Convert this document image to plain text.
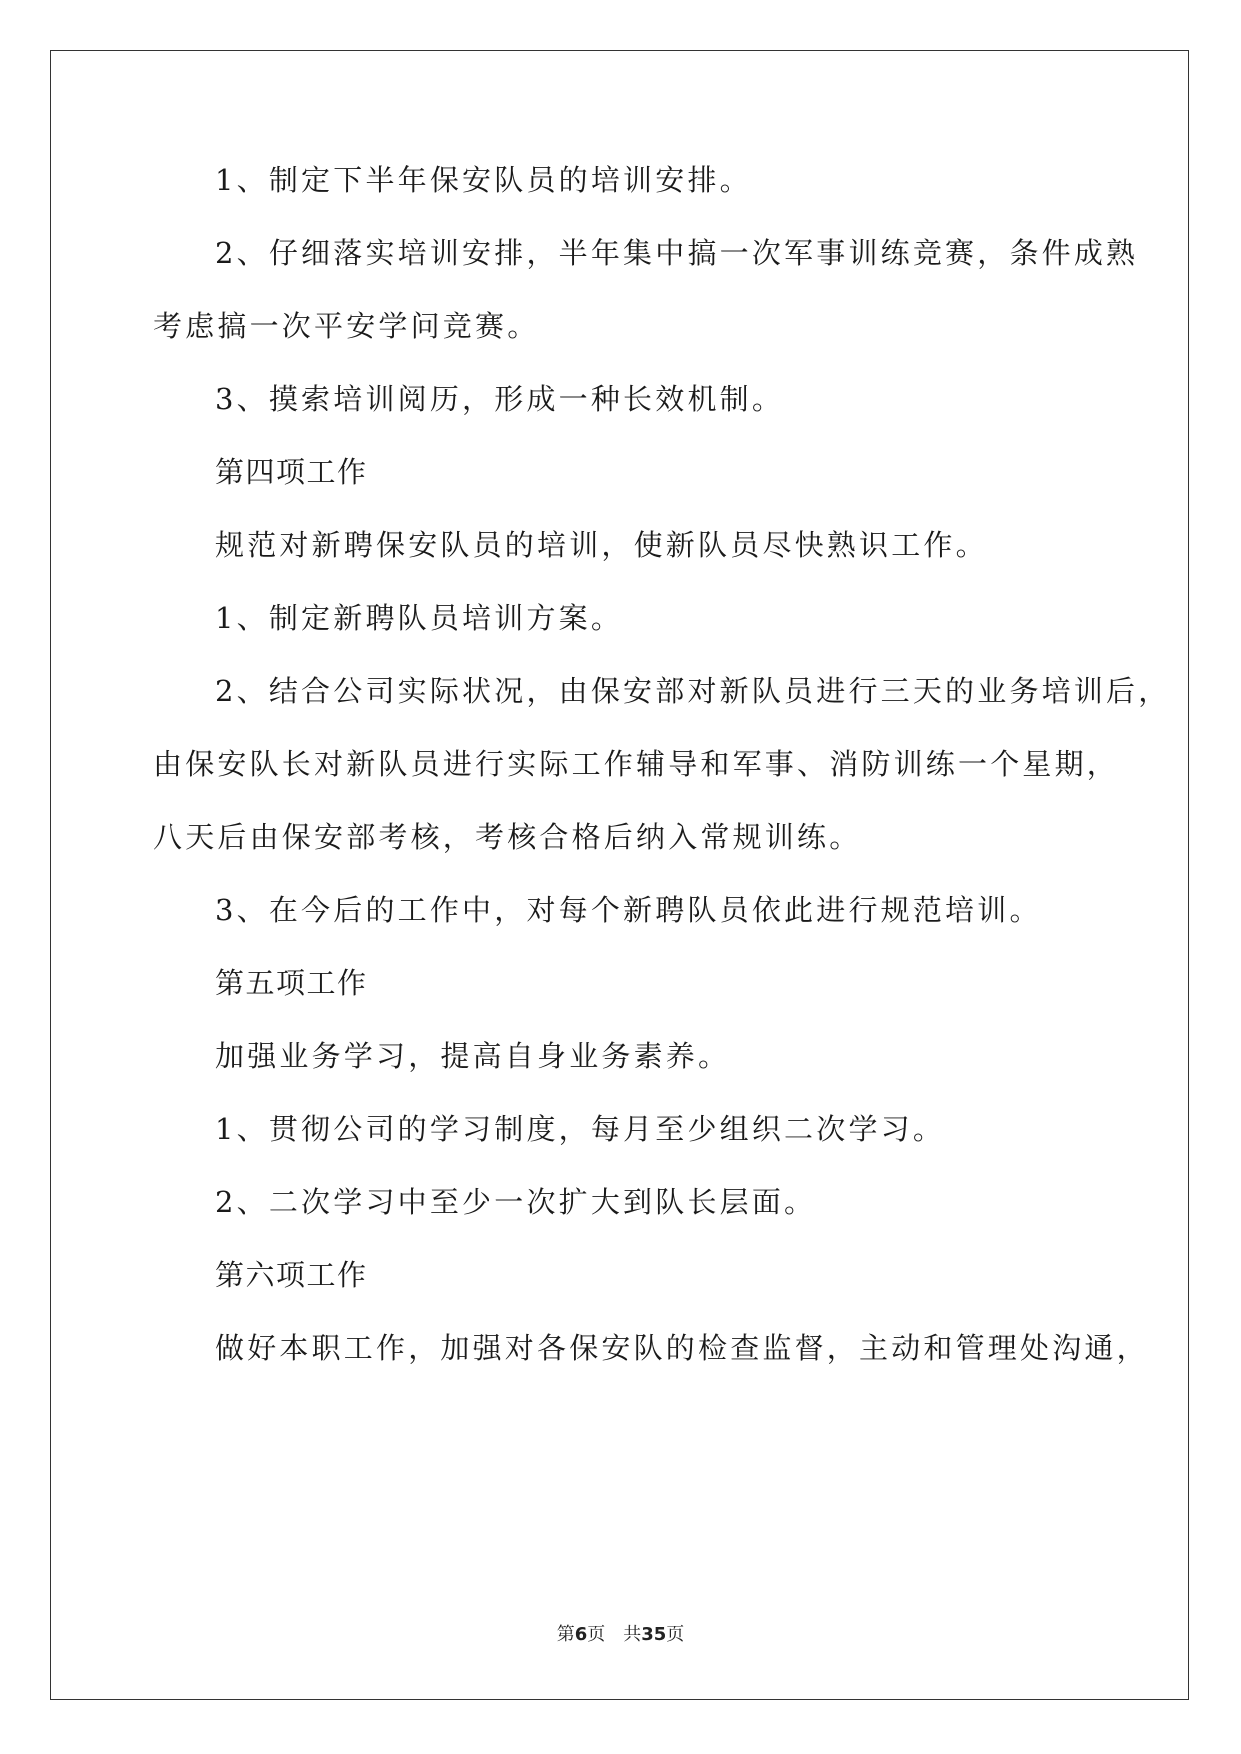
1、制定下半年保安队员的培训安排。
2、仔细落实培训安排，半年集中搞一次军事训练竞赛，条件成熟
考虑搞一次平安学问竞赛。
3、摸索培训阅历，形成一种长效机制。
第四项工作
规范对新聘保安队员的培训，使新队员尽快熟识工作。
1、制定新聘队员培训方案。
2、结合公司实际状况，由保安部对新队员进行三天的业务培训后，
由保安队长对新队员进行实际工作辅导和军事、消防训练一个星期，
八天后由保安部考核，考核合格后纳入常规训练。
3、在今后的工作中，对每个新聘队员依此进行规范培训。
第五项工作
加强业务学习，提高自身业务素养。
1、贯彻公司的学习制度，每月至少组织二次学习。
2、二次学习中至少一次扩大到队长层面。
第六项工作
做好本职工作，加强对各保安队的检查监督，主动和管理处沟通，
第6页 共35页
